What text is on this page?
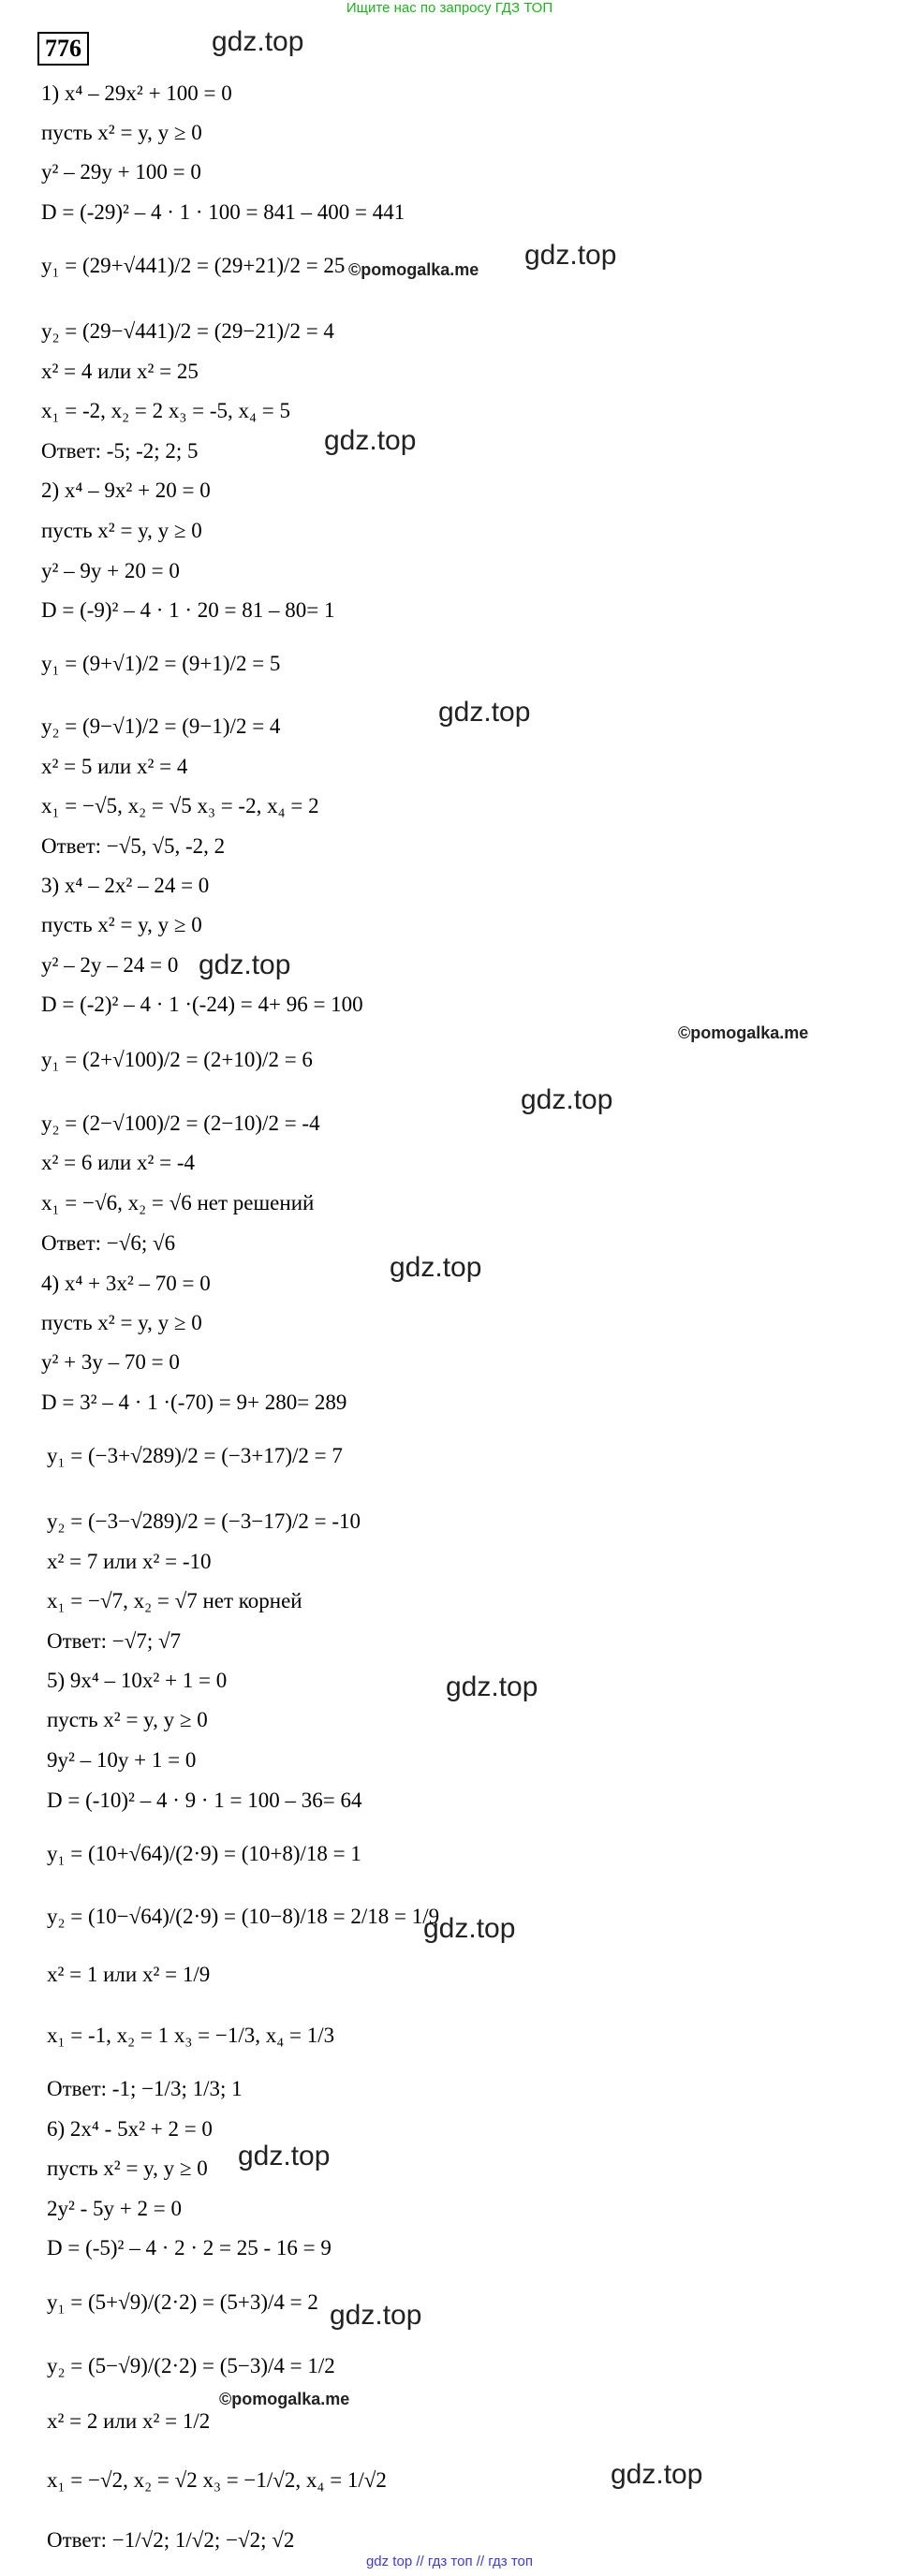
Ищите нас по запросу ГДЗ ТОП
776
gdz top // гдз топ // гдз топ
1) x⁴ – 29x² + 100 = 0
пусть x² = y, y ≥ 0
y² – 29y + 100 = 0
D = (-29)² – 4 · 1 · 100 = 841 – 400 = 441
y₁ = (29+√441)/2 = (29+21)/2 = 25
y₂ = (29−√441)/2 = (29−21)/2 = 4
x² = 4 или x² = 25
x₁ = -2, x₂ = 2 x₃ = -5, x₄ = 5
Ответ: -5; -2; 2; 5
2) x⁴ – 9x² + 20 = 0
пусть x² = y, y ≥ 0
y² – 9y + 20 = 0
D = (-9)² – 4 · 1 · 20 = 81 – 80= 1
y₁ = (9+√1)/2 = (9+1)/2 = 5
y₂ = (9−√1)/2 = (9−1)/2 = 4
x² = 5 или x² = 4
x₁ = −√5, x₂ = √5 x₃ = -2, x₄ = 2
Ответ: −√5, √5, -2, 2
3) x⁴ – 2x² – 24 = 0
пусть x² = y, y ≥ 0
y² – 2y – 24 = 0
D = (-2)² – 4 · 1 ·(-24) = 4+ 96 = 100
y₁ = (2+√100)/2 = (2+10)/2 = 6
y₂ = (2−√100)/2 = (2−10)/2 = -4
x² = 6 или x² = -4
x₁ = −√6, x₂ = √6 нет решений
Ответ: −√6; √6
4) x⁴ + 3x² – 70 = 0
пусть x² = y, y ≥ 0
y² + 3y – 70 = 0
D = 3² – 4 · 1 ·(-70) = 9+ 280= 289
y₁ = (−3+√289)/2 = (−3+17)/2 = 7
y₂ = (−3−√289)/2 = (−3−17)/2 = -10
x² = 7 или x² = -10
x₁ = −√7, x₂ = √7 нет корней
Ответ: −√7; √7
5) 9x⁴ – 10x² + 1 = 0
пусть x² = y, y ≥ 0
9y² – 10y + 1 = 0
D = (-10)² – 4 · 9 · 1 = 100 – 36= 64
y₁ = (10+√64)/(2·9) = (10+8)/18 = 1
y₂ = (10−√64)/(2·9) = (10−8)/18 = 2/18 = 1/9
x² = 1 или x² = 1/9
x₁ = -1, x₂ = 1 x₃ = −1/3, x₄ = 1/3
Ответ: -1; −1/3; 1/3; 1
6) 2x⁴ - 5x² + 2 = 0
пусть x² = y, y ≥ 0
2y² - 5y + 2 = 0
D = (-5)² – 4 · 2 · 2 = 25 - 16 = 9
y₁ = (5+√9)/(2·2) = (5+3)/4 = 2
y₂ = (5−√9)/(2·2) = (5−3)/4 = 1/2
x² = 2 или x² = 1/2
x₁ = −√2, x₂ = √2 x₃ = −1/√2, x₄ = 1/√2
Ответ: −1/√2; 1/√2; −√2; √2
gdz.top
gdz.top
gdz.top
gdz.top
gdz.top
gdz.top
gdz.top
gdz.top
gdz.top
gdz.top
gdz.top
gdz.top
©pomogalka.me
©pomogalka.me
©pomogalka.me
